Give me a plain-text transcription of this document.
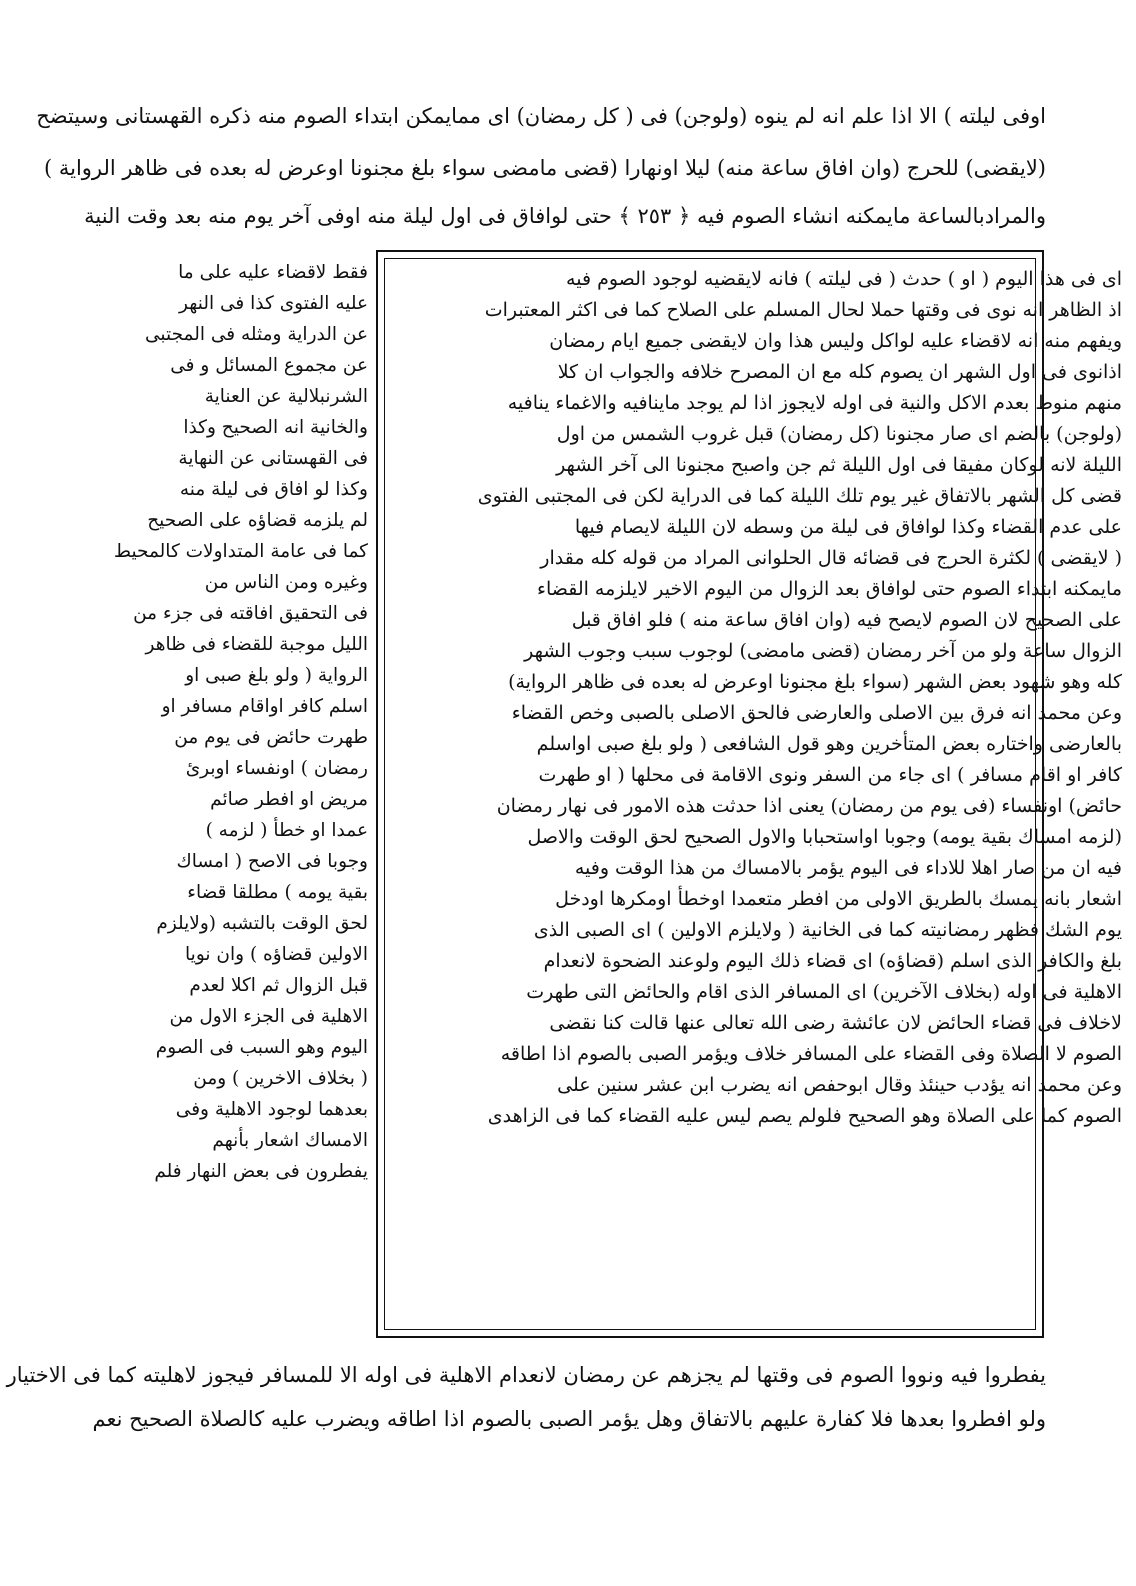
اوفى ليلته ) الا اذا علم انه لم ينوه (ولوجن) فى ( كل رمضان) اى ممايمكن ابتداء الصوم منه ذكره القهستانى وسيتضح
(لايقضى) للحرج (وان افاق ساعة منه) ليلا اونهارا (قضى مامضى سواء بلغ مجنونا اوعرض له بعده فى ظاهر الرواية )
والمرادبالساعة مايمكنه انشاء الصوم فيه ﴿ ٢٥٣ ﴾ حتى لوافاق فى اول ليلة منه اوفى آخر يوم منه بعد وقت النية
اى فى هذا اليوم ( او ) حدث ( فى ليلته ) فانه لايقضيه لوجود الصوم فيه
اذ الظاهر انه نوى فى وقتها حملا لحال المسلم على الصلاح كما فى اكثر المعتبرات
ويفهم منه انه لاقضاء عليه لواكل وليس هذا وان لايقضى جميع ايام رمضان
اذانوى فى اول الشهر ان يصوم كله مع ان المصرح خلافه والجواب ان كلا
منهم منوط بعدم الاكل والنية فى اوله لايجوز اذا لم يوجد ماينافيه والاغماء ينافيه
(ولوجن) بالضم اى صار مجنونا (كل رمضان) قبل غروب الشمس من اول
الليلة لانه لوكان مفيقا فى اول الليلة ثم جن واصبح مجنونا الى آخر الشهر
قضى كل الشهر بالاتفاق غير يوم تلك الليلة كما فى الدراية لكن فى المجتبى الفتوى
على عدم القضاء وكذا لوافاق فى ليلة من وسطه لان الليلة لايصام فيها
( لايقضى ) لكثرة الحرج فى قضائه قال الحلوانى المراد من قوله كله مقدار
مايمكنه ابتداء الصوم حتى لوافاق بعد الزوال من اليوم الاخير لايلزمه القضاء
على الصحيح لان الصوم لايصح فيه (وان افاق ساعة منه ) فلو افاق قبل
الزوال ساعة ولو من آخر رمضان (قضى مامضى) لوجوب سبب وجوب الشهر
كله وهو شهود بعض الشهر (سواء بلغ مجنونا اوعرض له بعده فى ظاهر الرواية)
وعن محمد انه فرق بين الاصلى والعارضى فالحق الاصلى بالصبى وخص القضاء
بالعارضى واختاره بعض المتأخرين وهو قول الشافعى ( ولو بلغ صبى اواسلم
كافر او اقام مسافر ) اى جاء من السفر ونوى الاقامة فى محلها ( او طهرت
حائض) اونفساء (فى يوم من رمضان) يعنى اذا حدثت هذه الامور فى نهار رمضان
(لزمه امساك بقية يومه) وجوبا اواستحبابا والاول الصحيح لحق الوقت والاصل
فيه ان من صار اهلا للاداء فى اليوم يؤمر بالامساك من هذا الوقت وفيه
اشعار بانه يمسك بالطريق الاولى من افطر متعمدا اوخطأ اومكرها اودخل
يوم الشك فظهر رمضانيته كما فى الخانية ( ولايلزم الاولين ) اى الصبى الذى
بلغ والكافر الذى اسلم (قضاؤه) اى قضاء ذلك اليوم ولوعند الضحوة لانعدام
الاهلية فى اوله (بخلاف الآخرين) اى المسافر الذى اقام والحائض التى طهرت
لاخلاف فى قضاء الحائض لان عائشة رضى الله تعالى عنها قالت كنا نقضى
الصوم لا الصلاة وفى القضاء على المسافر خلاف ويؤمر الصبى بالصوم اذا اطاقه
وعن محمد انه يؤدب حينئذ وقال ابوحفص انه يضرب ابن عشر سنين على
الصوم كما على الصلاة وهو الصحيح فلولم يصم ليس عليه القضاء كما فى الزاهدى
فقط لاقضاء عليه على ما
عليه الفتوى كذا فى النهر
عن الدراية ومثله فى المجتبى
عن مجموع المسائل و فى
الشرنبلالية عن العناية
والخانية انه الصحيح وكذا
فى القهستانى عن النهاية
وكذا لو افاق فى ليلة منه
لم يلزمه قضاؤه على الصحيح
كما فى عامة المتداولات كالمحيط
وغيره ومن الناس من
فى التحقيق افاقته فى جزء من
الليل موجبة للقضاء فى ظاهر
الرواية ( ولو بلغ صبى او
اسلم كافر اواقام مسافر او
طهرت حائض فى يوم من
رمضان ) اونفساء اوبرئ
مريض او افطر صائم
عمدا او خطأ ( لزمه )
وجوبا فى الاصح ( امساك
بقية يومه ) مطلقا قضاء
لحق الوقت بالتشبه (ولايلزم
الاولين قضاؤه ) وان نويا
قبل الزوال ثم اكلا لعدم
الاهلية فى الجزء الاول من
اليوم وهو السبب فى الصوم
( بخلاف الاخرين ) ومن
بعدهما لوجود الاهلية وفى
الامساك اشعار بأنهم
يفطرون فى بعض النهار فلم
يفطروا فيه ونووا الصوم فى وقتها لم يجزهم عن رمضان لانعدام الاهلية فى اوله الا للمسافر فيجوز لاهليته كما فى الاختيار
ولو افطروا بعدها فلا كفارة عليهم بالاتفاق وهل يؤمر الصبى بالصوم اذا اطاقه ويضرب عليه كالصلاة الصحيح نعم
